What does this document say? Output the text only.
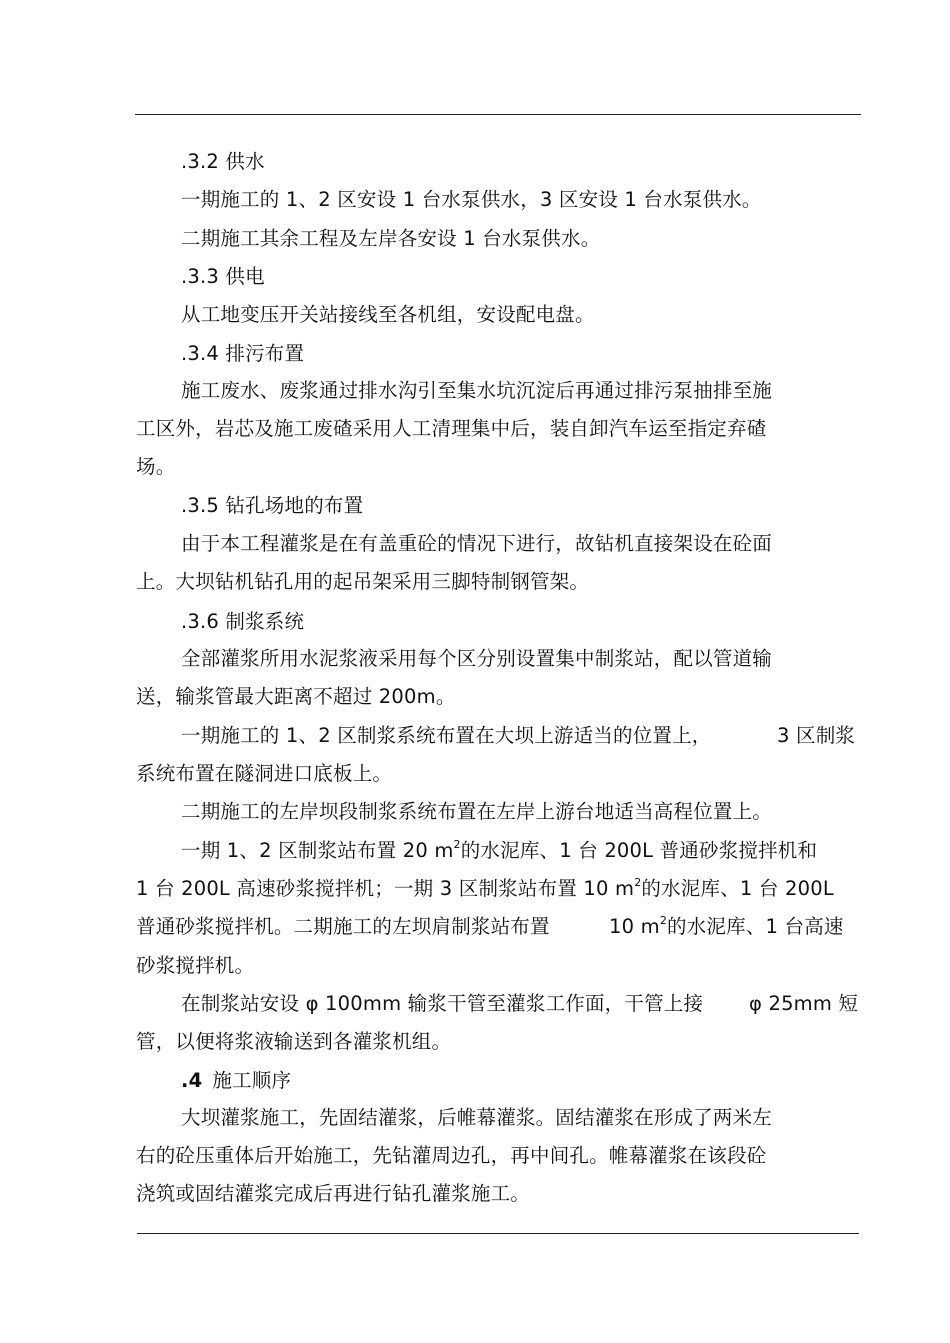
.3.2 供水
一期施工的 1、2 区安设 1 台水泵供水，3 区安设 1 台水泵供水。
二期施工其余工程及左岸各安设 1 台水泵供水。
.3.3 供电
从工地变压开关站接线至各机组，安设配电盘。
.3.4 排污布置
施工废水、废浆通过排水沟引至集水坑沉淀后再通过排污泵抽排至施
工区外，岩芯及施工废碴采用人工清理集中后，装自卸汽车运至指定弃碴
场。
.3.5 钻孔场地的布置
由于本工程灌浆是在有盖重砼的情况下进行，故钻机直接架设在砼面
上。大坝钻机钻孔用的起吊架采用三脚特制钢管架。
.3.6 制浆系统
全部灌浆所用水泥浆液采用每个区分别设置集中制浆站，配以管道输
送，输浆管最大距离不超过 200m。
一期施工的 1、2 区制浆系统布置在大坝上游适当的位置上，	3 区制浆
系统布置在隧洞进口底板上。
二期施工的左岸坝段制浆系统布置在左岸上游台地适当高程位置上。
一期 1、2 区制浆站布置 20 $m^2$的水泥库、1 台 200L 普通砂浆搅拌机和
1 台 200L 高速砂浆搅拌机；一期 3 区制浆站布置 10 $m^2$的水泥库、1 台 200L
普通砂浆搅拌机。二期施工的左坝肩制浆站布置	10 $m^2$的水泥库、1 台高速
砂浆搅拌机。
在制浆站安设 φ 100mm 输浆干管至灌浆工作面，干管上接 φ 25mm 短
管，以便将浆液输送到各灌浆机组。
.4 施工顺序
大坝灌浆施工，先固结灌浆，后帷幕灌浆。固结灌浆在形成了两米左
右的砼压重体后开始施工，先钻灌周边孔，再中间孔。帷幕灌浆在该段砼
浇筑或固结灌浆完成后再进行钻孔灌浆施工。
